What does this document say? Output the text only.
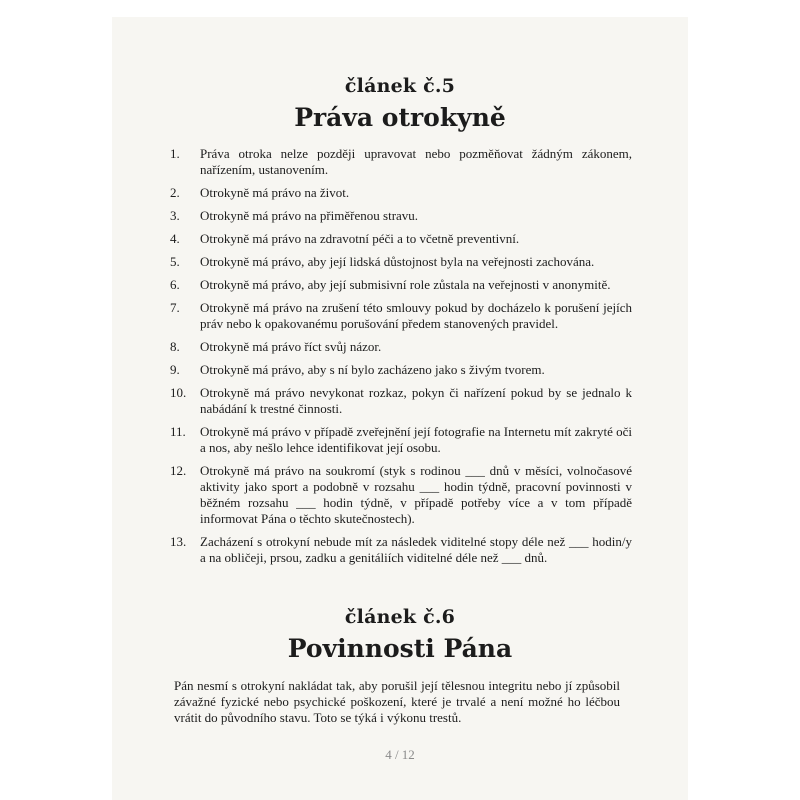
článek č.5
Práva otrokyně
1. Práva otroka nelze později upravovat nebo pozměňovat žádným zákonem, nařízením, ustanovením.
2. Otrokyně má právo na život.
3. Otrokyně má právo na přiměřenou stravu.
4. Otrokyně má právo na zdravotní péči a to včetně preventivní.
5. Otrokyně má právo, aby její lidská důstojnost byla na veřejnosti zachována.
6. Otrokyně má právo, aby její submisivní role zůstala na veřejnosti v anonymitě.
7. Otrokyně má právo na zrušení této smlouvy pokud by docházelo k porušení jejích práv nebo k opakovanému porušování předem stanovených pravidel.
8. Otrokyně má právo říct svůj názor.
9. Otrokyně má právo, aby s ní bylo zacházeno jako s živým tvorem.
10. Otrokyně má právo nevykonat rozkaz, pokyn či nařízení pokud by se jednalo k nabádání k trestné činnosti.
11. Otrokyně má právo v případě zveřejnění její fotografie na Internetu mít zakryté oči a nos, aby nešlo lehce identifikovat její osobu.
12. Otrokyně má právo na soukromí (styk s rodinou ___ dnů v měsíci, volnočasové aktivity jako sport a podobně v rozsahu ___ hodin týdně, pracovní povinnosti v běžném rozsahu ___ hodin týdně, v případě potřeby více a v tom případě informovat Pána o těchto skutečnostech).
13. Zacházení s otrokyní nebude mít za následek viditelné stopy déle než ___ hodin/y a na obličeji, prsou, zadku a genitáliích viditelné déle než ___ dnů.
článek č.6
Povinnosti Pána

Pán nesmí s otrokyní nakládat tak, aby porušil její tělesnou integritu nebo jí způsobil závažné fyzické nebo psychické poškození, které je trvalé a není možné ho léčbou vrátit do původního stavu. Toto se týká i výkonu trestů.

4 / 12
